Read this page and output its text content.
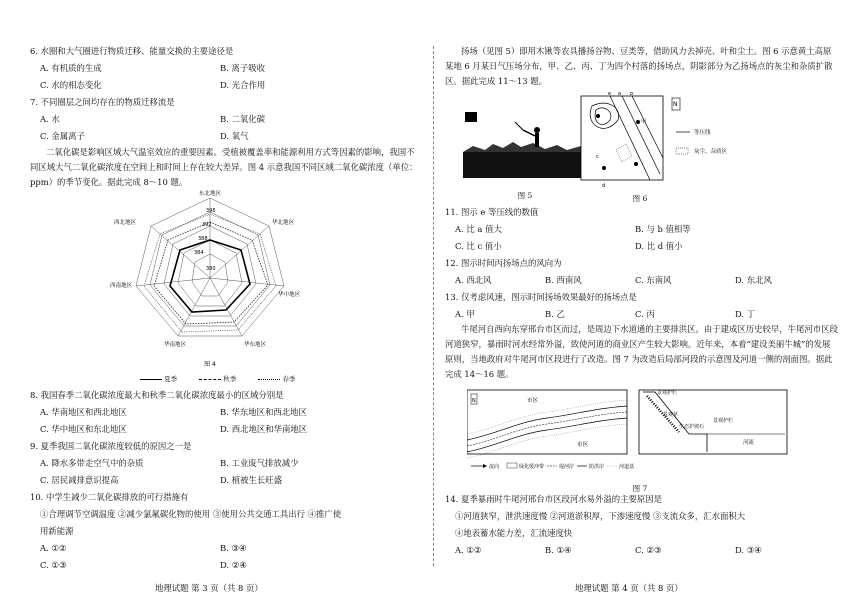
6. 水圈和大气圈进行物质迁移、能量交换的主要途径是
A. 有机质的生成	B. 离子吸收
C. 水的相态变化	D. 光合作用
7. 不同圈层之间均存在的物质迁移流是
A. 水	B. 二氧化碳
C. 金属离子	D. 氧气
二氧化碳是影响区域大气温室效应的重要因素。受植被覆盖率和能源利用方式等因素的影响，我国不同区域大气二氧化碳浓度在空间上和时间上存在较大差异。图 4 示意我国不同区域二氧化碳浓度（单位：ppm）的季节变化。据此完成 8～10 题。
396
392
388
384
380
东北地区
华北地区
华中地区
华东地区
华南地区
西南地区
西北地区
图 4
夏季	秋季	春季
8. 我国春季二氧化碳浓度最大和秋季二氧化碳浓度最小的区域分别是
A. 华南地区和西北地区	B. 华东地区和西北地区
C. 华中地区和东北地区	D. 西北地区和华南地区
9. 夏季我国二氧化碳浓度较低的原因之一是
A. 降水多带走空气中的杂质	B. 工业废气排放减少
C. 居民减排意识提高	D. 植被生长旺盛
10. 中学生减少二氧化碳排放的可行措施有
①合理调节空调温度 ②减少氯氟碳化物的使用 ③使用公共交通工具出行 ④推广使
用新能源
A. ①②	B. ③④
C. ①③	D. ②④
地理试题 第 3 页（共 8 页）
扬场（见图 5）即用木锹等农具播扬谷物、豆类等，借助风力去掉壳、叶和尘土。图 6 示意黄土高原某地 6 月某日气压场分布，甲、乙、丙、丁为四个村落的扬场点，阴影部分为乙扬场点的灰尘和杂质扩散区。据此完成 11～13 题。
图 5
e a b
甲
c
d
N
等压线
灰尘、杂质区
图 6
11. 图示 e 等压线的数值
A. 比 a 值大	B. 与 b 值相等
C. 比 c 值小	D. 比 d 值小
12. 图示时间丙扬场点的风向为
A. 西北风	B. 西南风	C. 东南风	D. 东北风
13. 仅考虑风速，图示时间扬场效果最好的扬场点是
A. 甲	B. 乙	C. 丙	D. 丁
牛尾河自西向东穿邢台市区而过，是周边下水道通的主要排洪区。由于建成区历史较早，牛尾河市区段河道狭窄，暴雨时河水经常外溢，致使河道的商业区产生较大影响。近年来，本着“建设美丽牛城”的发展原则，当地政府对牛尾河市区段进行了改造。图 7 为改造后局部河段的示意图及河道一侧的剖面图。据此完成 14～16 题。
N	市区
市区
流向	绿化缓冲带	堤河岸	防洪岸	河道基
景观护栏
景观草
生态护坡石
景观护栏
河流
图 7
14. 夏季暴雨时牛尾河邢台市区段河水易外溢的主要原因是
①河道狭窄，泄洪速度慢 ②河道淤积厚，下渗速度慢 ③支流众多，汇水面积大
④地表蓄水能力差，汇流速度快
A. ①②	B. ①④	C. ②③	D. ③④
地理试题 第 4 页（共 8 页）
